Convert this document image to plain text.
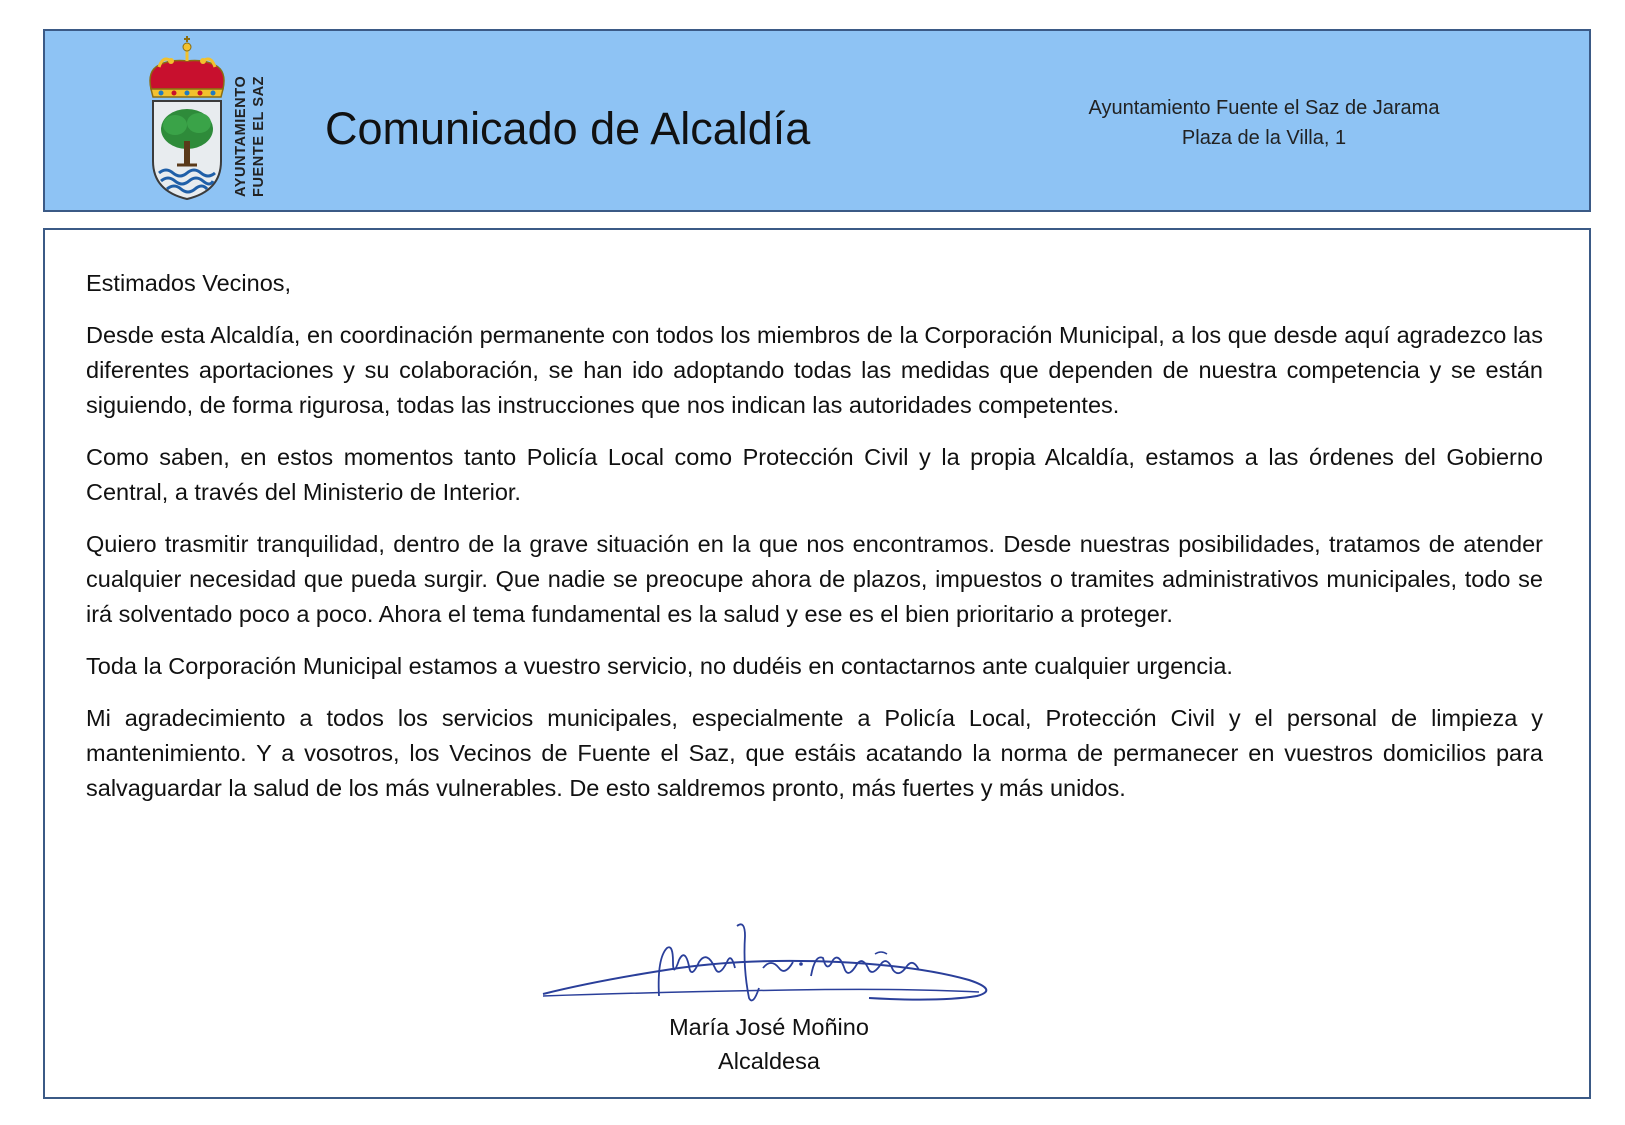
AYUNTAMIENTO FUENTE EL SAZ Comunicado de Alcaldía	Ayuntamiento Fuente el Saz de Jarama
Plaza de la Villa, 1

Estimados Vecinos,

Desde esta Alcaldía, en coordinación permanente con todos los miembros de la Corporación Municipal, a los que desde aquí agradezco las diferentes aportaciones y su colaboración, se han ido adoptando todas las medidas que dependen de nuestra competencia y se están siguiendo, de forma rigurosa, todas las instrucciones que nos indican las autoridades competentes.

Como saben, en estos momentos tanto Policía Local como Protección Civil y la propia Alcaldía, estamos a las órdenes del Gobierno Central, a través del Ministerio de Interior.

Quiero trasmitir tranquilidad, dentro de la grave situación en la que nos encontramos. Desde nuestras posibilidades, tratamos de atender cualquier necesidad que pueda surgir. Que nadie se preocupe ahora de plazos, impuestos o tramites administrativos municipales, todo se irá solventado poco a poco. Ahora el tema fundamental es la salud y ese es el bien prioritario a proteger.

Toda la Corporación Municipal estamos a vuestro servicio, no dudéis en contactarnos ante cualquier urgencia.

Mi agradecimiento a todos los servicios municipales, especialmente a Policía Local, Protección Civil y el personal de limpieza y mantenimiento. Y a vosotros, los Vecinos de Fuente el Saz, que estáis acatando la norma de permanecer en vuestros domicilios para salvaguardar la salud de los más vulnerables. De esto saldremos pronto, más fuertes y más unidos.

María José Moñino
Alcaldesa
